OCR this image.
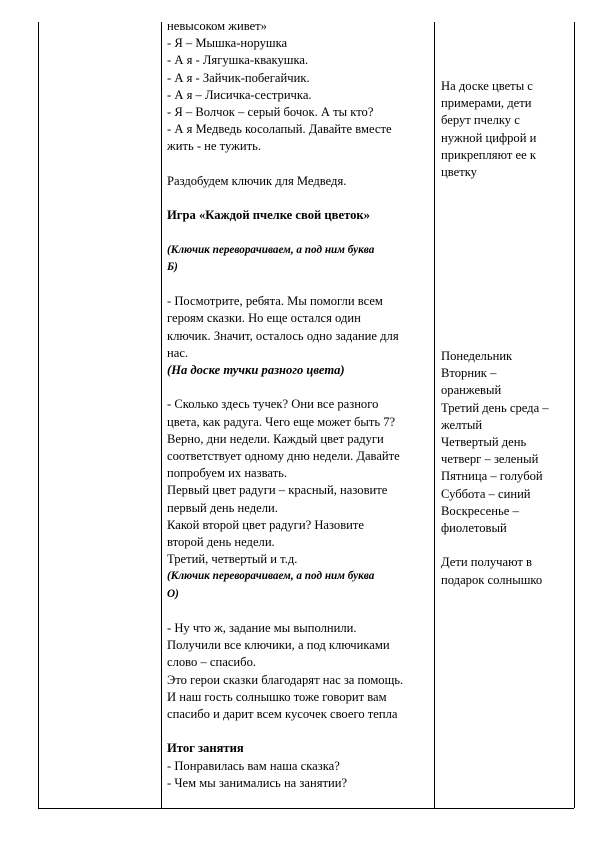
невысоком живет»
- Я – Мышка-норушка
- А я - Лягушка-квакушка.
- А я - Зайчик-побегайчик.
- А я – Лисичка-сестричка.
- Я – Волчок – серый бочок. А ты кто?
- А я Медведь косолапый. Давайте вместе
жить - не тужить.
Раздобудем ключик для Медведя.
Игра «Каждой пчелке свой цветок»
(Ключик переворачиваем, а под ним буква
Б)
- Посмотрите, ребята. Мы помогли всем
героям сказки. Но еще остался один
ключик. Значит, осталось одно задание для
нас.
(На доске тучки разного цвета)
- Сколько здесь тучек? Они все разного
цвета, как радуга. Чего еще может быть 7?
Верно, дни недели. Каждый цвет радуги
соответствует одному дню недели. Давайте
попробуем их назвать.
Первый цвет радуги – красный, назовите
первый день недели.
Какой второй цвет радуги? Назовите
второй день недели.
Третий, четвертый и т.д.
(Ключик переворачиваем, а под ним буква
О)
- Ну что ж, задание мы выполнили.
Получили все ключики, а под ключиками
слово – спасибо.
Это герои сказки благодарят нас за помощь.
И наш гость солнышко тоже говорит вам
спасибо и дарит всем кусочек своего тепла
Итог занятия
- Понравилась вам наша сказка?
- Чем мы занимались на занятии?
На доске цветы с
примерами, дети
берут пчелку с
нужной цифрой и
прикрепляют ее к
цветку
Понедельник
Вторник –
оранжевый
Третий день среда –
желтый
Четвертый день
четверг – зеленый
Пятница – голубой
Суббота – синий
Воскресенье –
фиолетовый
Дети получают в
подарок солнышко
